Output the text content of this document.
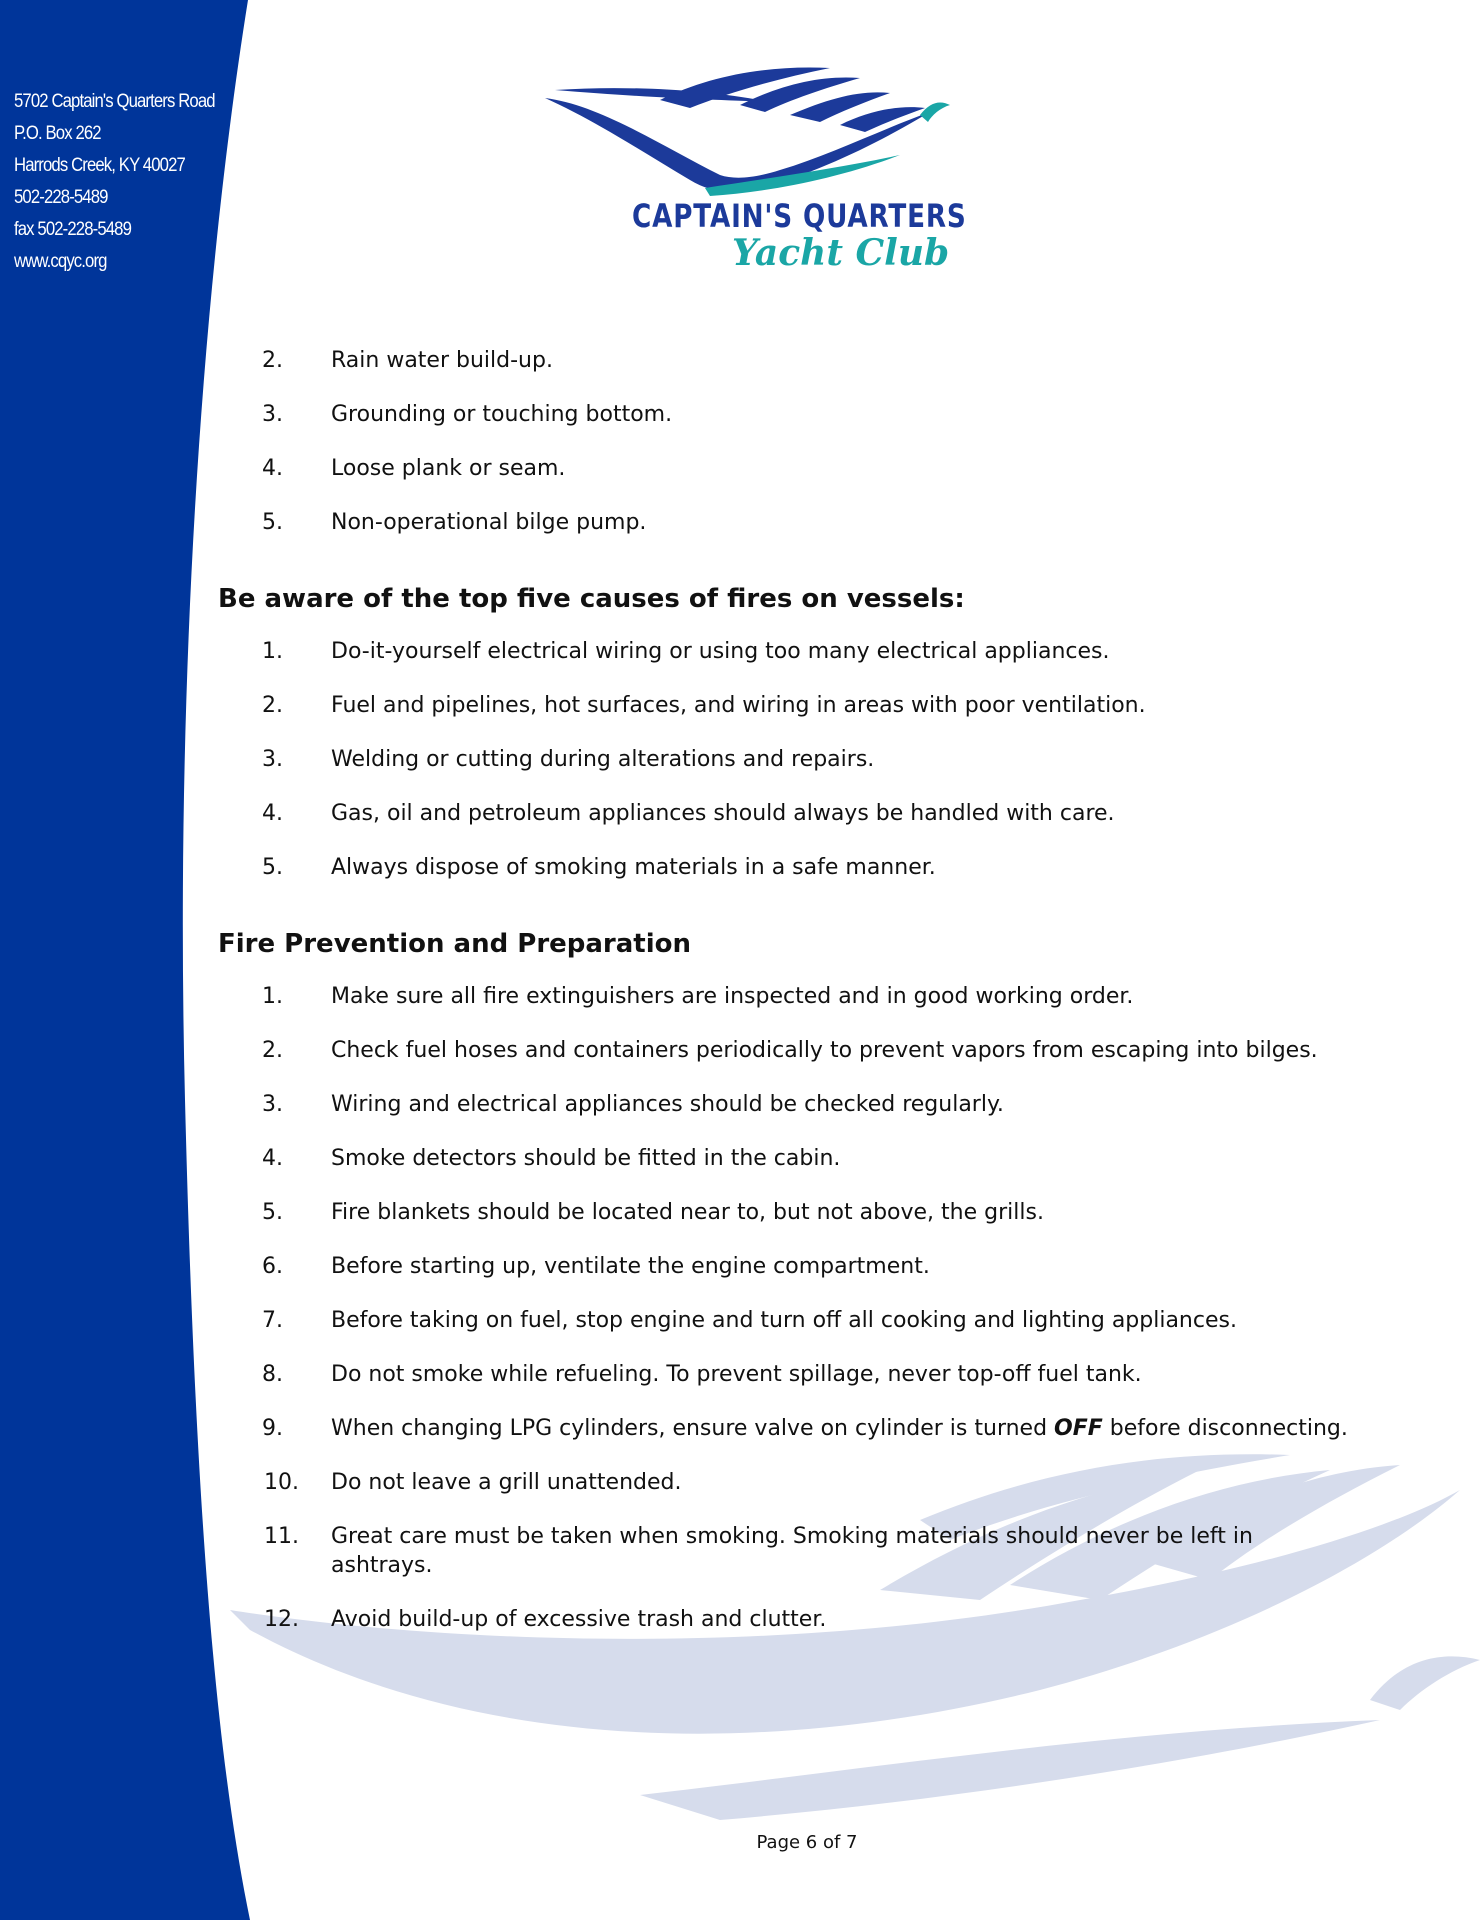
5702 Captain's Quarters Road
P.O. Box 262
Harrods Creek, KY 40027
502-228-5489
fax 502-228-5489
www.cqyc.org
CAPTAIN'S QUARTERS
Yacht Club
2.	Rain water build-up.
3.	Grounding or touching bottom.
4.	Loose plank or seam.
5.	Non-operational bilge pump.
Be aware of the top five causes of fires on vessels:
1.	Do-it-yourself electrical wiring or using too many electrical appliances.
2.	Fuel and pipelines, hot surfaces, and wiring in areas with poor ventilation.
3.	Welding or cutting during alterations and repairs.
4.	Gas, oil and petroleum appliances should always be handled with care.
5.	Always dispose of smoking materials in a safe manner.
Fire Prevention and Preparation
1.	Make sure all fire extinguishers are inspected and in good working order.
2.	Check fuel hoses and containers periodically to prevent vapors from escaping into bilges.
3.	Wiring and electrical appliances should be checked regularly.
4.	Smoke detectors should be fitted in the cabin.
5.	Fire blankets should be located near to, but not above, the grills.
6.	Before starting up, ventilate the engine compartment.
7.	Before taking on fuel, stop engine and turn off all cooking and lighting appliances.
8.	Do not smoke while refueling. To prevent spillage, never top-off fuel tank.
9.	When changing LPG cylinders, ensure valve on cylinder is turned OFF before disconnecting.
10.	Do not leave a grill unattended.
11.	Great care must be taken when smoking. Smoking materials should never be left in ashtrays.
12.	Avoid build-up of excessive trash and clutter.
Page 6 of 7
